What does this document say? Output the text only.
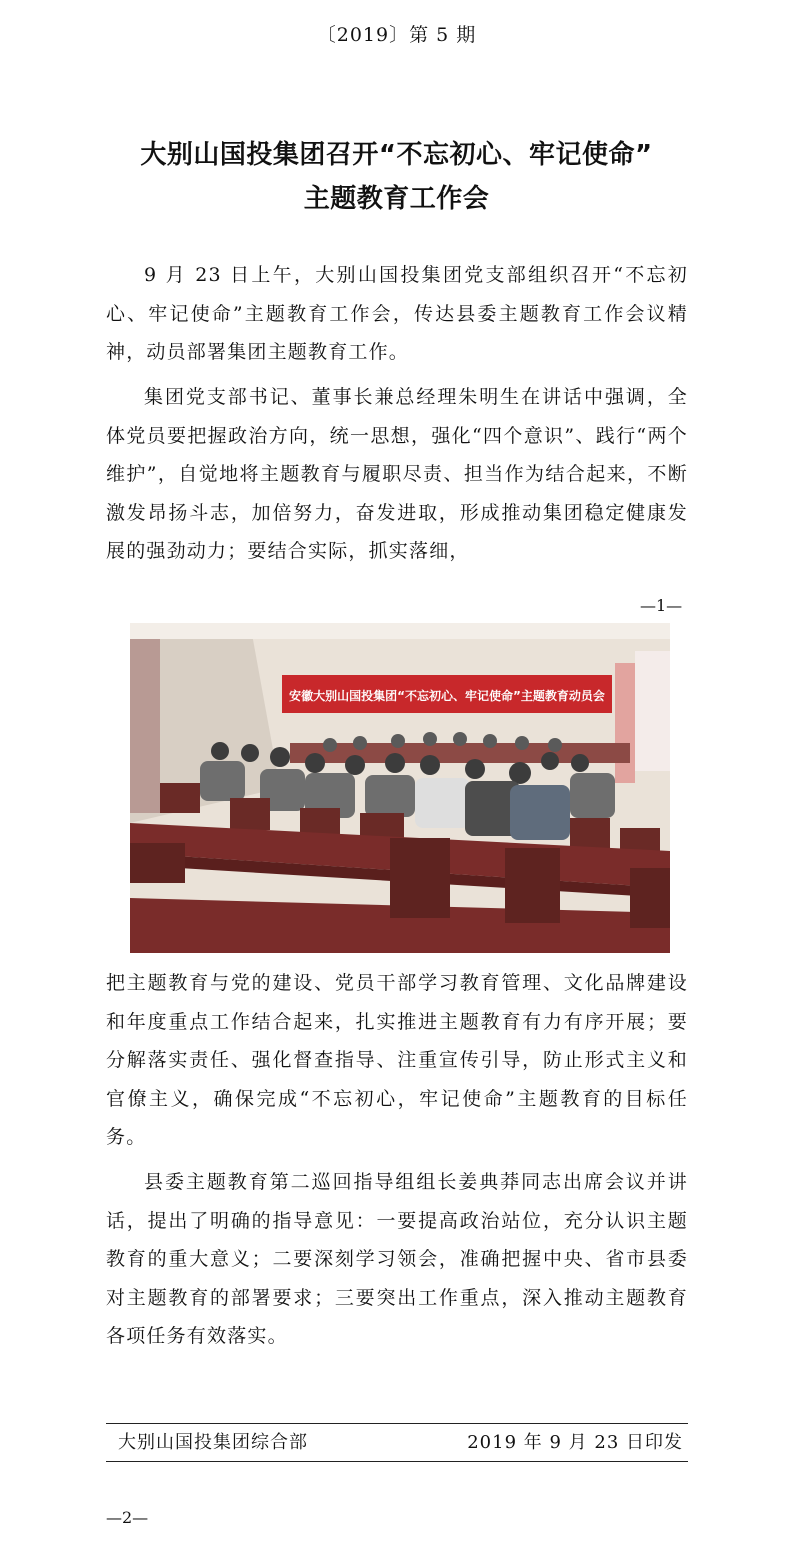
〔2019〕第 5 期
大别山国投集团召开“不忘初心、牢记使命”
主题教育工作会

9 月 23 日上午，大别山国投集团党支部组织召开“不忘初心、牢记使命”主题教育工作会，传达县委主题教育工作会议精神，动员部署集团主题教育工作。

集团党支部书记、董事长兼总经理朱明生在讲话中强调，全体党员要把握政治方向，统一思想，强化“四个意识”、践行“两个维护”，自觉地将主题教育与履职尽责、担当作为结合起来，不断激发昂扬斗志，加倍努力，奋发进取，形成推动集团稳定健康发展的强劲动力；要结合实际，抓实落细，

—1—
安徽大别山国投集团“不忘初心、牢记使命”主题教育动员会

把主题教育与党的建设、党员干部学习教育管理、文化品牌建设和年度重点工作结合起来，扎实推进主题教育有力有序开展；要分解落实责任、强化督查指导、注重宣传引导，防止形式主义和官僚主义，确保完成“不忘初心，牢记使命”主题教育的目标任务。

县委主题教育第二巡回指导组组长姜典莽同志出席会议并讲话，提出了明确的指导意见：一要提高政治站位，充分认识主题教育的重大意义；二要深刻学习领会，准确把握中央、省市县委对主题教育的部署要求；三要突出工作重点，深入推动主题教育各项任务有效落实。

大别山国投集团综合部	2019 年 9 月 23 日印发
—2—
